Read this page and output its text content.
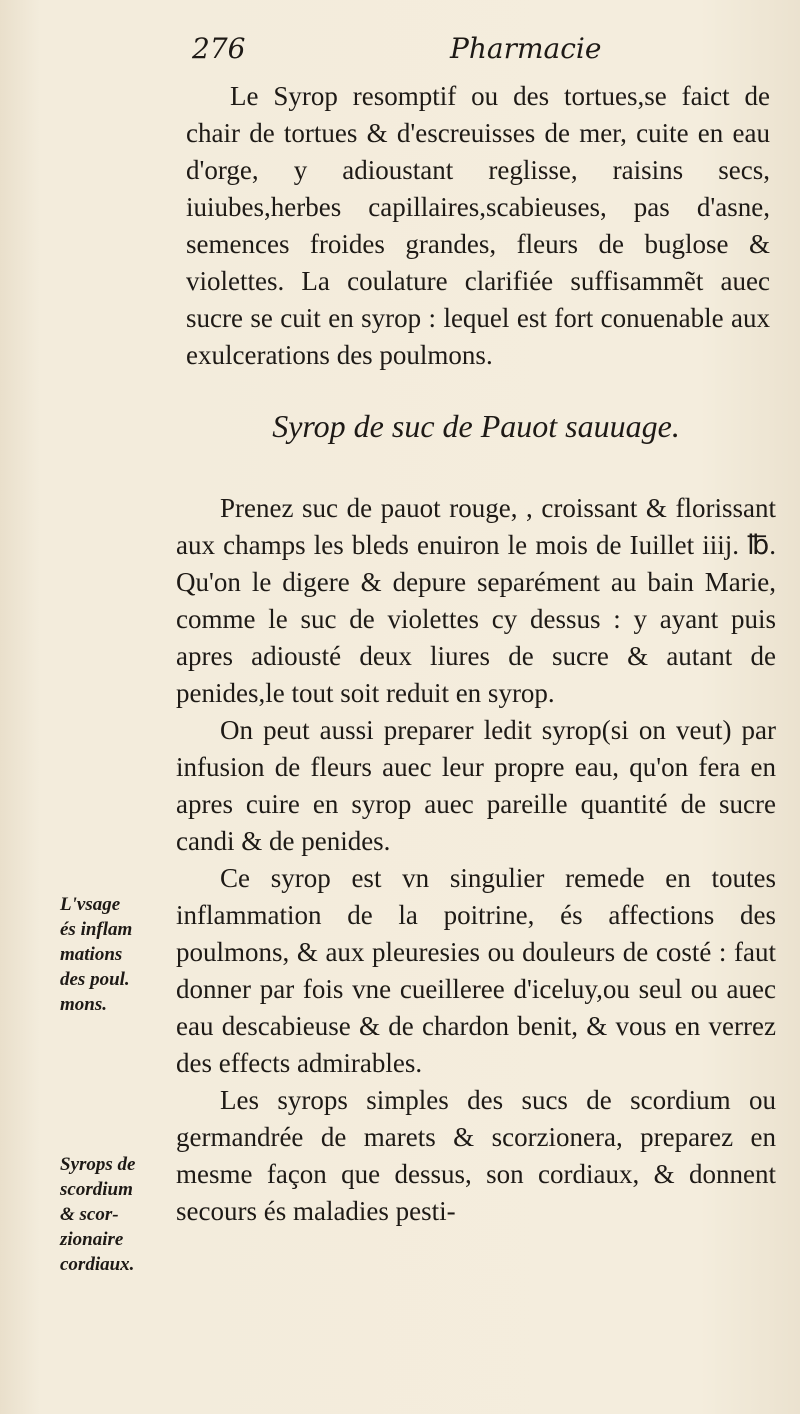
276	Pharmacie

Le Syrop resomptif ou des tortues,se faict de chair de tortues & d'escreuisses de mer, cuite en eau d'orge, y adioustant reglisse, raisins secs, iuiubes,herbes capillaires,scabieuses, pas d'asne, semences froides grandes, fleurs de buglose & violettes. La coulature clarifiée suffisammẽt auec sucre se cuit en syrop : lequel est fort conuenable aux exulcerations des poulmons.

Syrop de suc de Pauot sauuage.

Prenez suc de pauot rouge, , croissant & florissant aux champs les bleds enuiron le mois de Iuillet iiij. ℔. Qu'on le digere & depure separément au bain Marie, comme le suc de violettes cy dessus : y ayant puis apres adiousté deux liures de sucre & autant de penides,le tout soit reduit en syrop.

On peut aussi preparer ledit syrop(si on veut) par infusion de fleurs auec leur propre eau, qu'on fera en apres cuire en syrop auec pareille quantité de sucre candi & de penides.

Ce syrop est vn singulier remede en toutes inflammation de la poitrine, és affections des poulmons, & aux pleuresies ou douleurs de costé : faut donner par fois vne cueilleree d'iceluy,ou seul ou auec eau descabieuse & de chardon benit, & vous en verrez des effects admirables.

Les syrops simples des sucs de scordium ou germandrée de marets & scorzionera, preparez en mesme façon que dessus, son cordiaux, & donnent secours és maladies pesti-

L'vsage
és inflam
mations
des poul.
mons.
Syrops de
scordium
& scor-
zionaire
cordiaux.
